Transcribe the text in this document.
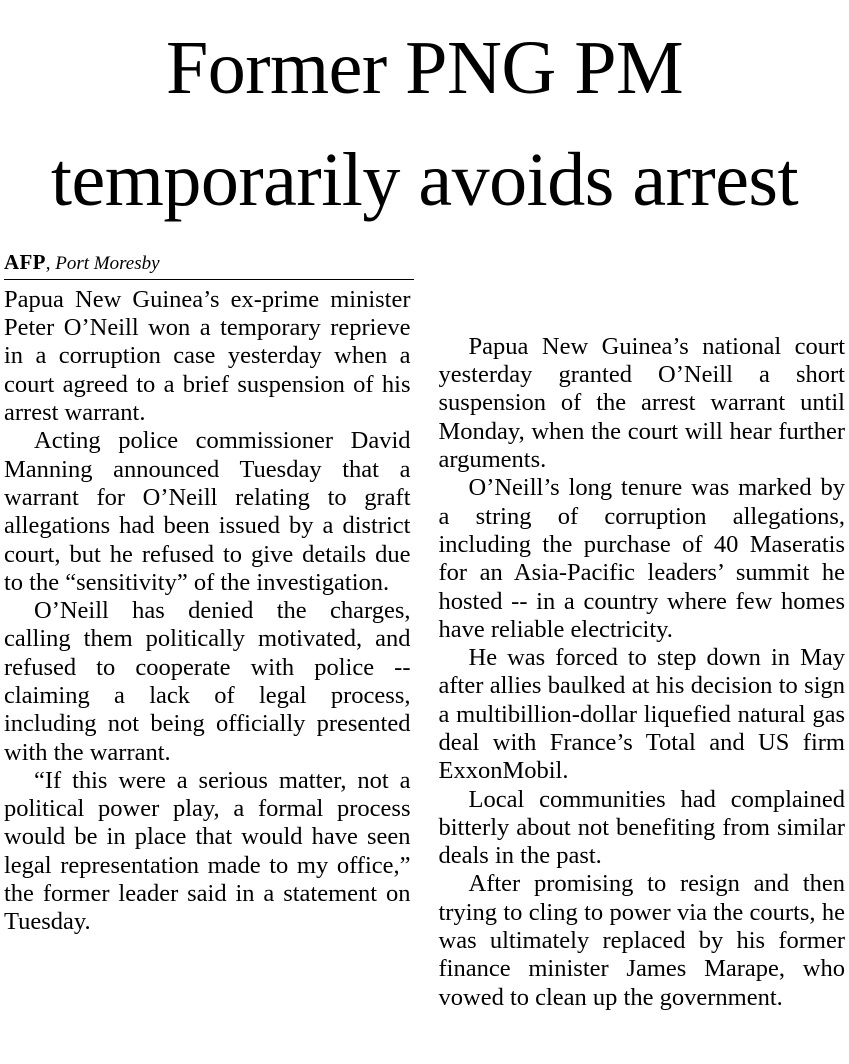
Former PNG PM temporarily avoids arrest
AFP, Port Moresby

Papua New Guinea’s ex-prime minister Peter O’Neill won a temporary reprieve in a corruption case yesterday when a court agreed to a brief suspension of his arrest warrant.

Acting police commissioner David Manning announced Tuesday that a warrant for O’Neill relating to graft allegations had been issued by a district court, but he refused to give details due to the “sensitivity” of the investigation.

O’Neill has denied the charges, calling them politically motivated, and refused to cooperate with police -- claiming a lack of legal process, including not being officially presented with the warrant.

“If this were a serious matter, not a political power play, a formal process would be in place that would have seen legal representation made to my office,” the former leader said in a statement on Tuesday.

Papua New Guinea’s national court yesterday granted O’Neill a short suspension of the arrest warrant until Monday, when the court will hear further arguments.

O’Neill’s long tenure was marked by a string of corruption allegations, including the purchase of 40 Maseratis for an Asia-Pacific leaders’ summit he hosted -- in a country where few homes have reliable electricity.

He was forced to step down in May after allies baulked at his decision to sign a multibillion-dollar liquefied natural gas deal with France’s Total and US firm ExxonMobil.

Local communities had complained bitterly about not benefiting from similar deals in the past.

After promising to resign and then trying to cling to power via the courts, he was ultimately replaced by his former finance minister James Marape, who vowed to clean up the government.
